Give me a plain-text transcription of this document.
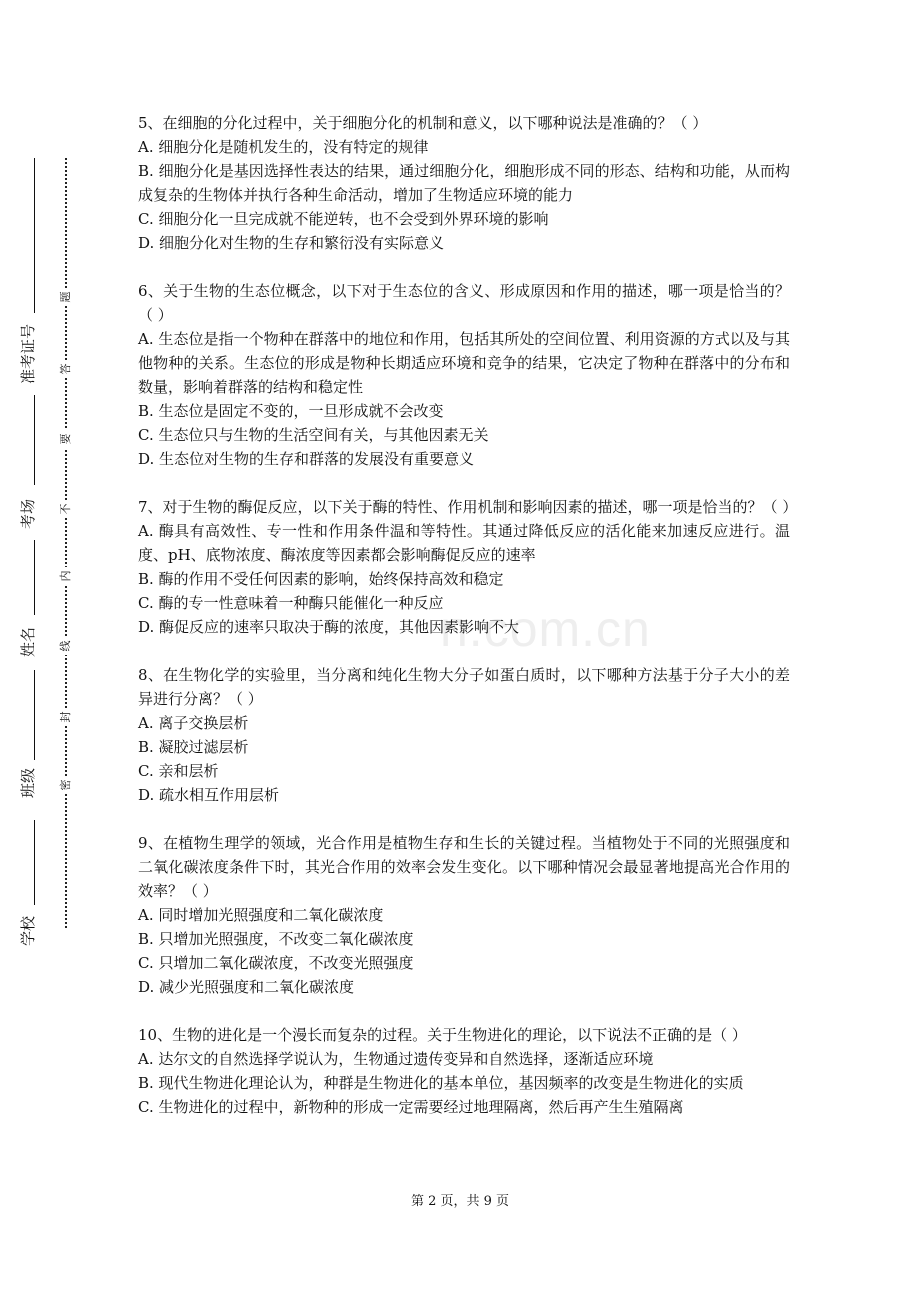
准考证号
考场
姓名
班级
学校
题
答
要
不
内
线
封
密
n.com.cn
5、在细胞的分化过程中，关于细胞分化的机制和意义，以下哪种说法是准确的？（ ）
A. 细胞分化是随机发生的，没有特定的规律
B. 细胞分化是基因选择性表达的结果，通过细胞分化，细胞形成不同的形态、结构和功能，从而构成复杂的生物体并执行各种生命活动，增加了生物适应环境的能力
C. 细胞分化一旦完成就不能逆转，也不会受到外界环境的影响
D. 细胞分化对生物的生存和繁衍没有实际意义
6、关于生物的生态位概念，以下对于生态位的含义、形成原因和作用的描述，哪一项是恰当的？（ ）
A. 生态位是指一个物种在群落中的地位和作用，包括其所处的空间位置、利用资源的方式以及与其他物种的关系。生态位的形成是物种长期适应环境和竞争的结果，它决定了物种在群落中的分布和数量，影响着群落的结构和稳定性
B. 生态位是固定不变的，一旦形成就不会改变
C. 生态位只与生物的生活空间有关，与其他因素无关
D. 生态位对生物的生存和群落的发展没有重要意义
7、对于生物的酶促反应，以下关于酶的特性、作用机制和影响因素的描述，哪一项是恰当的？（ ）
A. 酶具有高效性、专一性和作用条件温和等特性。其通过降低反应的活化能来加速反应进行。温度、pH、底物浓度、酶浓度等因素都会影响酶促反应的速率
B. 酶的作用不受任何因素的影响，始终保持高效和稳定
C. 酶的专一性意味着一种酶只能催化一种反应
D. 酶促反应的速率只取决于酶的浓度，其他因素影响不大
8、在生物化学的实验里，当分离和纯化生物大分子如蛋白质时，以下哪种方法基于分子大小的差异进行分离？（ ）
A. 离子交换层析
B. 凝胶过滤层析
C. 亲和层析
D. 疏水相互作用层析
9、在植物生理学的领域，光合作用是植物生存和生长的关键过程。当植物处于不同的光照强度和二氧化碳浓度条件下时，其光合作用的效率会发生变化。以下哪种情况会最显著地提高光合作用的效率？（ ）
A. 同时增加光照强度和二氧化碳浓度
B. 只增加光照强度，不改变二氧化碳浓度
C. 只增加二氧化碳浓度，不改变光照强度
D. 减少光照强度和二氧化碳浓度
10、生物的进化是一个漫长而复杂的过程。关于生物进化的理论，以下说法不正确的是（ ）
A. 达尔文的自然选择学说认为，生物通过遗传变异和自然选择，逐渐适应环境
B. 现代生物进化理论认为，种群是生物进化的基本单位，基因频率的改变是生物进化的实质
C. 生物进化的过程中，新物种的形成一定需要经过地理隔离，然后再产生生殖隔离
第 2 页，共 9 页
